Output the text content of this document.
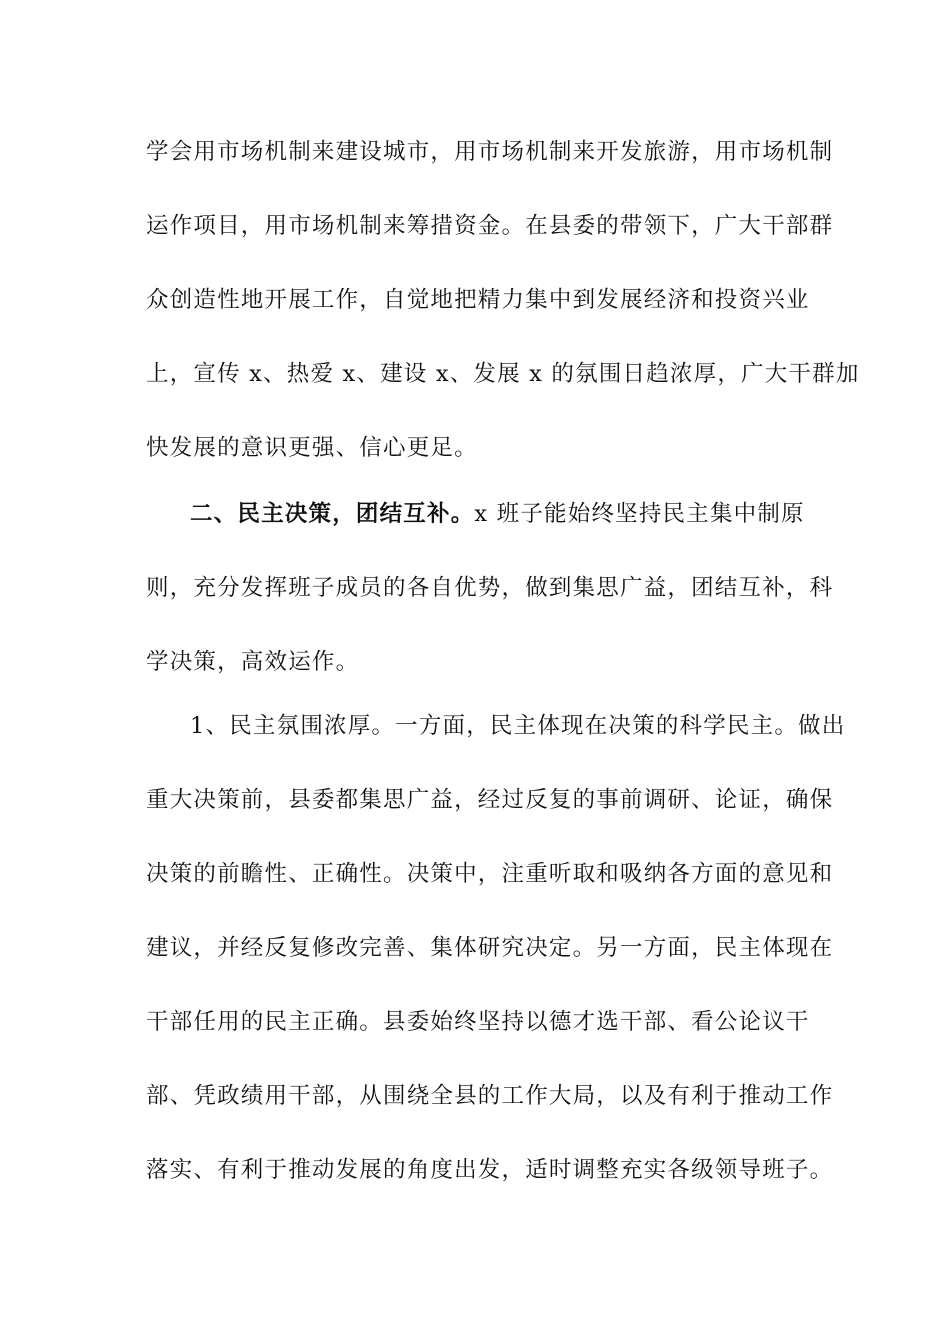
学会用市场机制来建设城市，用市场机制来开发旅游，用市场机制
运作项目，用市场机制来筹措资金。在县委的带领下，广大干部群
众创造性地开展工作，自觉地把精力集中到发展经济和投资兴业
上，宣传 x、热爱 x、建设 x、发展 x 的氛围日趋浓厚，广大干群加
快发展的意识更强、信心更足。
二、民主决策，团结互补。x 班子能始终坚持民主集中制原
则，充分发挥班子成员的各自优势，做到集思广益，团结互补，科
学决策，高效运作。
1、民主氛围浓厚。一方面，民主体现在决策的科学民主。做出
重大决策前，县委都集思广益，经过反复的事前调研、论证，确保
决策的前瞻性、正确性。决策中，注重听取和吸纳各方面的意见和
建议，并经反复修改完善、集体研究决定。另一方面，民主体现在
干部任用的民主正确。县委始终坚持以德才选干部、看公论议干
部、凭政绩用干部，从围绕全县的工作大局，以及有利于推动工作
落实、有利于推动发展的角度出发，适时调整充实各级领导班子。
